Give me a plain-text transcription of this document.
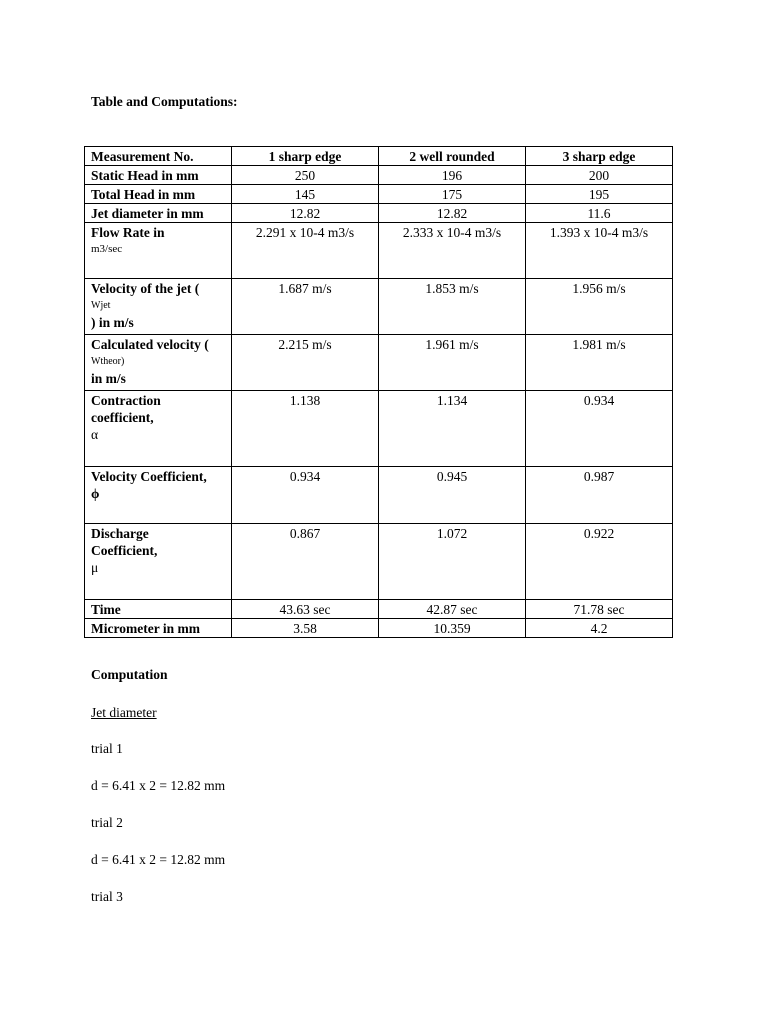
Table and Computations:
Measurement No.	1 sharp edge	2 well rounded	3 sharp edge
Static Head in mm	250	196	200
Total Head in mm	145	175	195
Jet diameter in mm	12.82	12.82	11.6

Flow Rate in
m3/sec	2.291 x 10-4 m3/s	2.333 x 10-4 m3/s	1.393 x 10-4 m3/s

Velocity of the jet (
Wjet
) in m/s	1.687 m/s	1.853 m/s	1.956 m/s

Calculated velocity (
Wtheor)
in m/s	2.215 m/s	1.961 m/s	1.981 m/s

Contraction
coefficient,
α	1.138	1.134	0.934

Velocity Coefficient,
ϕ	0.934	0.945	0.987

Discharge
Coefficient,
μ	0.867	1.072	0.922
Time	43.63 sec	42.87 sec	71.78 sec
Micrometer in mm	3.58	10.359	4.2
Computation
Jet diameter
trial 1
d = 6.41 x 2 = 12.82 mm
trial 2
d = 6.41 x 2 = 12.82 mm
trial 3
